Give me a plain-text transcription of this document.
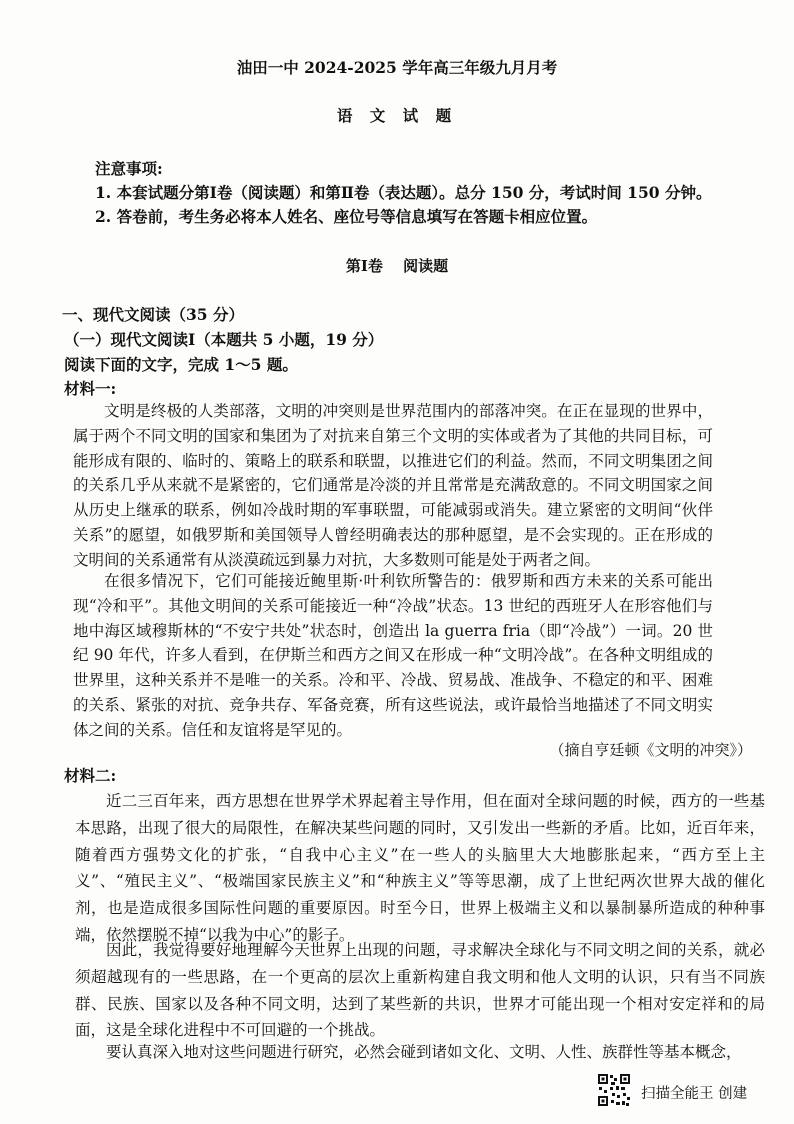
油田一中 2024-2025 学年高三年级九月月考
语 文 试 题
注意事项:
1. 本套试题分第Ⅰ卷（阅读题）和第Ⅱ卷（表达题）。总分 150 分，考试时间 150 分钟。
2. 答卷前，考生务必将本人姓名、座位号等信息填写在答题卡相应位置。
第Ⅰ卷　 阅读题
一、现代文阅读（35 分）
（一）现代文阅读Ⅰ（本题共 5 小题，19 分）
阅读下面的文字，完成 1～5 题。
材料一:

文明是终极的人类部落，文明的冲突则是世界范围内的部落冲突。在正在显现的世界中，属于两个不同文明的国家和集团为了对抗来自第三个文明的实体或者为了其他的共同目标，可能形成有限的、临时的、策略上的联系和联盟，以推进它们的利益。然而，不同文明集团之间的关系几乎从来就不是紧密的，它们通常是冷淡的并且常常是充满敌意的。不同文明国家之间从历史上继承的联系，例如冷战时期的军事联盟，可能减弱或消失。建立紧密的文明间“伙伴关系”的愿望，如俄罗斯和美国领导人曾经明确表达的那种愿望，是不会实现的。正在形成的文明间的关系通常有从淡漠疏远到暴力对抗，大多数则可能是处于两者之间。

在很多情况下，它们可能接近鲍里斯·叶利钦所警告的：俄罗斯和西方未来的关系可能出现“冷和平”。其他文明间的关系可能接近一种“冷战”状态。13 世纪的西班牙人在形容他们与地中海区域穆斯林的“不安宁共处”状态时，创造出 la guerra fria（即“冷战”）一词。20 世纪 90 年代，许多人看到，在伊斯兰和西方之间又在形成一种“文明冷战”。在各种文明组成的世界里，这种关系并不是唯一的关系。冷和平、冷战、贸易战、准战争、不稳定的和平、困难的关系、紧张的对抗、竞争共存、军备竞赛，所有这些说法，或许最恰当地描述了不同文明实体之间的关系。信任和友谊将是罕见的。

（摘自亨廷顿《文明的冲突》）
材料二:

近二三百年来，西方思想在世界学术界起着主导作用，但在面对全球问题的时候，西方的一些基本思路，出现了很大的局限性，在解决某些问题的同时，又引发出一些新的矛盾。比如，近百年来，随着西方强势文化的扩张，“自我中心主义”在一些人的头脑里大大地膨胀起来，“西方至上主义”、“殖民主义”、“极端国家民族主义”和“种族主义”等等思潮，成了上世纪两次世界大战的催化剂，也是造成很多国际性问题的重要原因。时至今日，世界上极端主义和以暴制暴所造成的种种事端，依然摆脱不掉“以我为中心”的影子。

因此，我觉得要好地理解今天世界上出现的问题，寻求解决全球化与不同文明之间的关系，就必须超越现有的一些思路，在一个更高的层次上重新构建自我文明和他人文明的认识，只有当不同族群、民族、国家以及各种不同文明，达到了某些新的共识，世界才可能出现一个相对安定祥和的局面，这是全球化进程中不可回避的一个挑战。

要认真深入地对这些问题进行研究，必然会碰到诸如文化、文明、人性、族群性等基本概念，

扫描全能王 创建
